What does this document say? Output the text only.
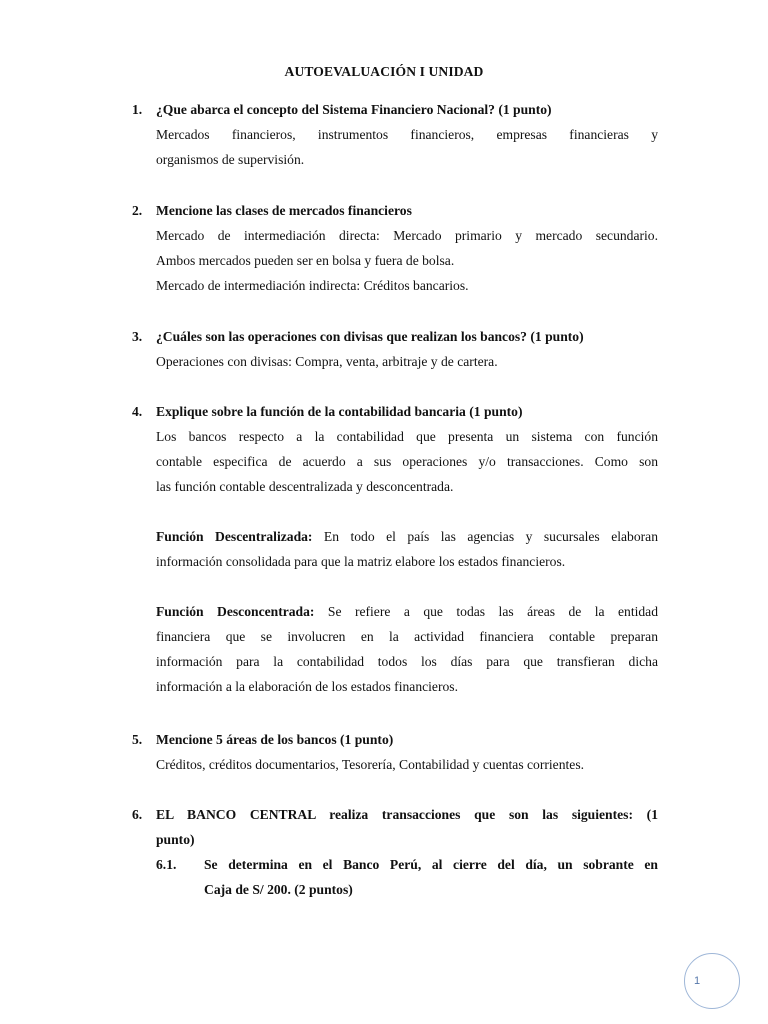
AUTOEVALUACIÓN I UNIDAD
1. ¿Que abarca el concepto del Sistema Financiero Nacional? (1 punto)
Mercados financieros, instrumentos financieros, empresas financieras y
organismos de supervisión.
2. Mencione las clases de mercados financieros
Mercado de intermediación directa: Mercado primario y mercado secundario.
Ambos mercados pueden ser en bolsa y fuera de bolsa.
Mercado de intermediación indirecta: Créditos bancarios.
3. ¿Cuáles son las operaciones con divisas que realizan los bancos? (1 punto)
Operaciones con divisas: Compra, venta, arbitraje y de cartera.
4. Explique sobre la función de la contabilidad bancaria (1 punto)
Los bancos respecto a la contabilidad que presenta un sistema con función
contable especifica de acuerdo a sus operaciones y/o transacciones. Como son
las función contable descentralizada y desconcentrada.
Función Descentralizada: En todo el país las agencias y sucursales elaboran
información consolidada para que la matriz elabore los estados financieros.
Función Desconcentrada: Se refiere a que todas las áreas de la entidad
financiera que se involucren en la actividad financiera contable preparan
información para la contabilidad todos los días para que transfieran dicha
información a la elaboración de los estados financieros.
5. Mencione 5 áreas de los bancos (1 punto)
Créditos, créditos documentarios, Tesorería, Contabilidad y cuentas corrientes.
6. EL BANCO CENTRAL realiza transacciones que son las siguientes: (1
punto)
6.1. Se determina en el Banco Perú, al cierre del día, un sobrante en
Caja de S/ 200. (2 puntos)
1
